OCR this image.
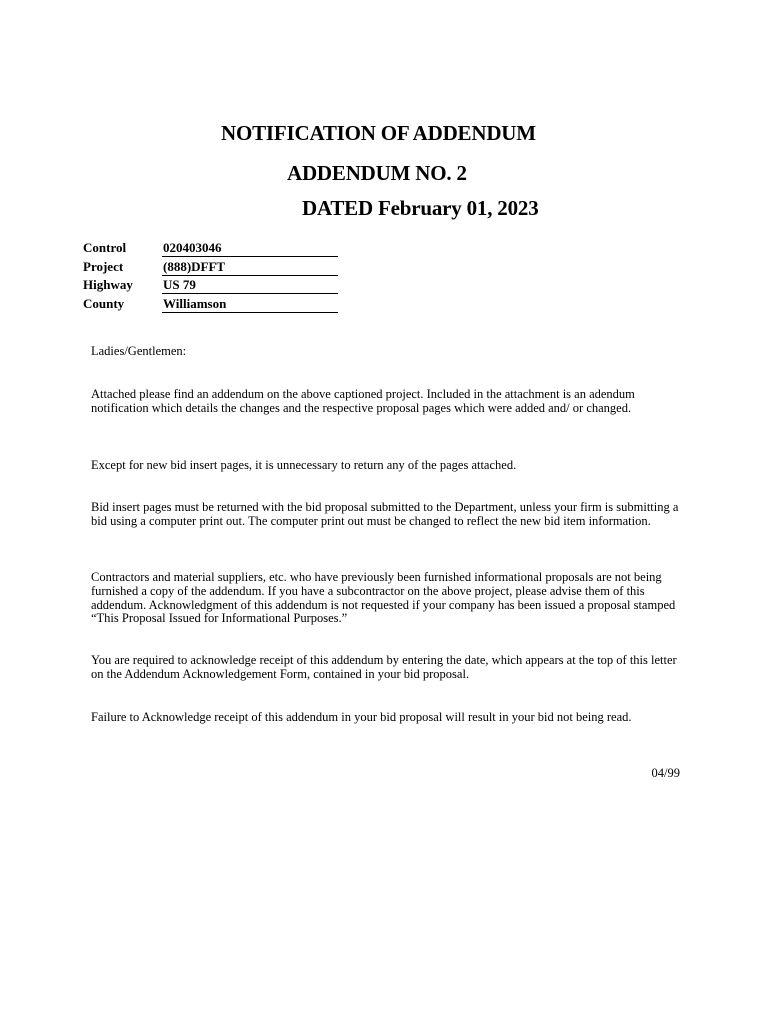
NOTIFICATION OF ADDENDUM
ADDENDUM NO. 2
DATED February 01, 2023
Control	020403046
Project	(888)DFFT
Highway US 79
County	Williamson

Ladies/Gentlemen:

Attached please find an addendum on the above captioned project. Included in the attachment is an adendum notification which details the changes and the respective proposal pages which were added and/ or changed.

Except for new bid insert pages, it is unnecessary to return any of the pages attached.

Bid insert pages must be returned with the bid proposal submitted to the Department, unless your firm is submitting a bid using a computer print out. The computer print out must be changed to reflect the new bid item information.

Contractors and material suppliers, etc. who have previously been furnished informational proposals are not being furnished a copy of the addendum. If you have a subcontractor on the above project, please advise them of this addendum. Acknowledgment of this addendum is not requested if your company has been issued a proposal stamped “This Proposal Issued for Informational Purposes.”

You are required to acknowledge receipt of this addendum by entering the date, which appears at the top of this letter on the Addendum Acknowledgement Form, contained in your bid proposal.

Failure to Acknowledge receipt of this addendum in your bid proposal will result in your bid not being read.

04/99
